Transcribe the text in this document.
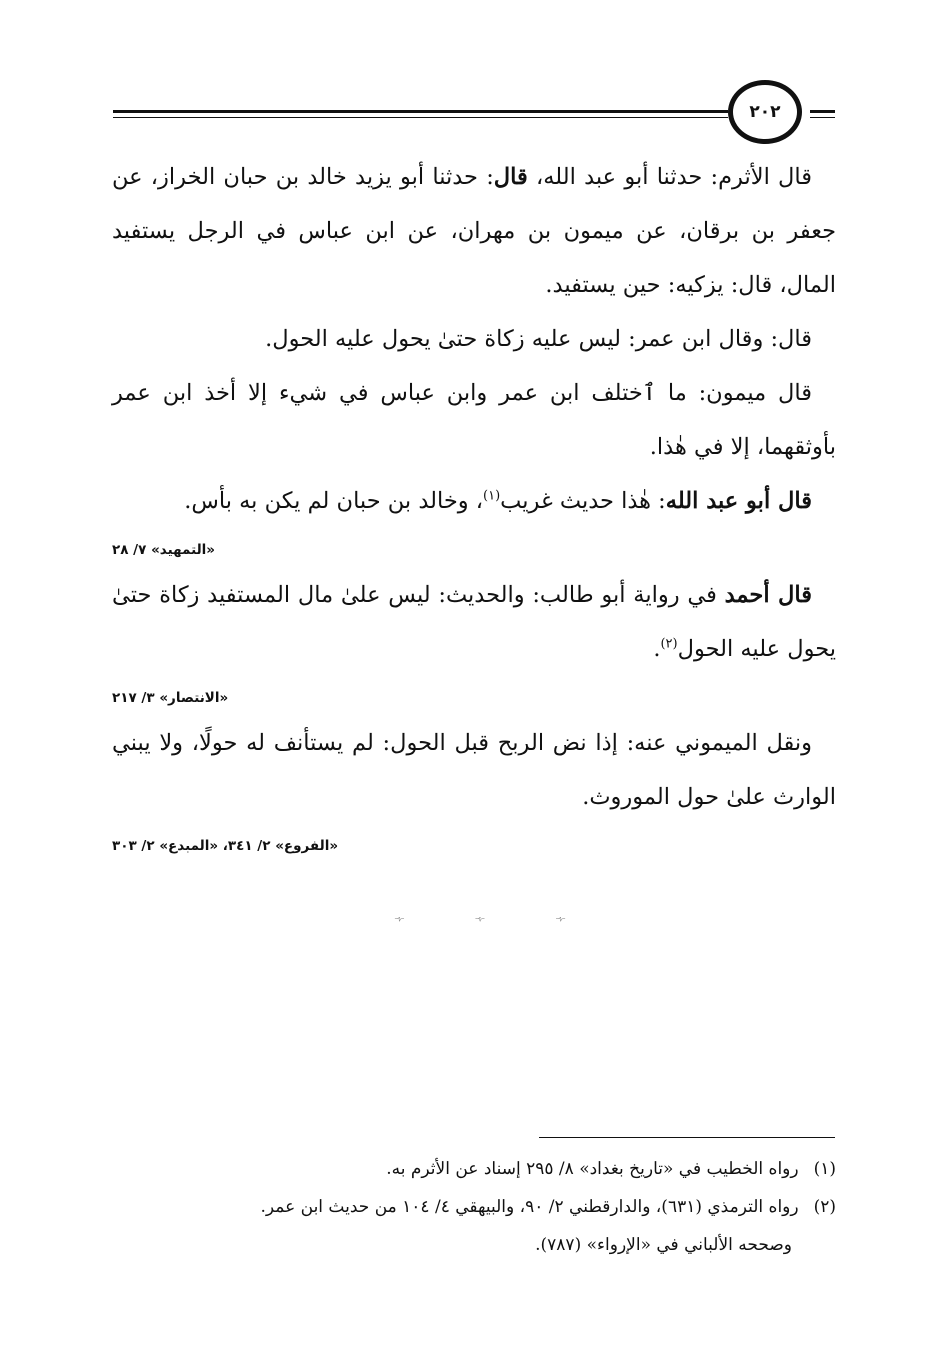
٢٠٢

قال الأثرم: حدثنا أبو عبد الله، قال: حدثنا أبو يزيد خالد بن حبان الخراز، عن جعفر بن برقان، عن ميمون بن مهران، عن ابن عباس في الرجل يستفيد المال، قال: يزكيه: حين يستفيد.

قال: وقال ابن عمر: ليس عليه زكاة حتىٰ يحول عليه الحول.

قال ميمون: ما ٱختلف ابن عمر وابن عباس في شيء إلا أخذ ابن عمر بأوثقهما، إلا في هٰذا.

قال أبو عبد الله: هٰذا حديث غريب$^{(١)}$، وخالد بن حبان لم يكن به بأس.

«التمهيد» ٧/ ٢٨

قال أحمد في رواية أبو طالب: والحديث: ليس علىٰ مال المستفيد زكاة حتىٰ يحول عليه الحول$^{(٢)}$.

«الانتصار» ٣/ ٢١٧

ونقل الميموني عنه: إذا نض الربح قبل الحول: لم يستأنف له حولًا، ولا يبني الوارث علىٰ حول الموروث.

«الفروع» ٢/ ٣٤١، «المبدع» ٢/ ٣٠٣
ـﮩـ	ـﮩـ	ـﮩـ

(١) رواه الخطيب في «تاريخ بغداد» ٨/ ٢٩٥ إسناد عن الأثرم به.

(٢) رواه الترمذي (٦٣١)، والدارقطني ٢/ ٩٠، والبيهقي ٤/ ١٠٤ من حديث ابن عمر.

وصححه الألباني في «الإرواء» (٧٨٧).
